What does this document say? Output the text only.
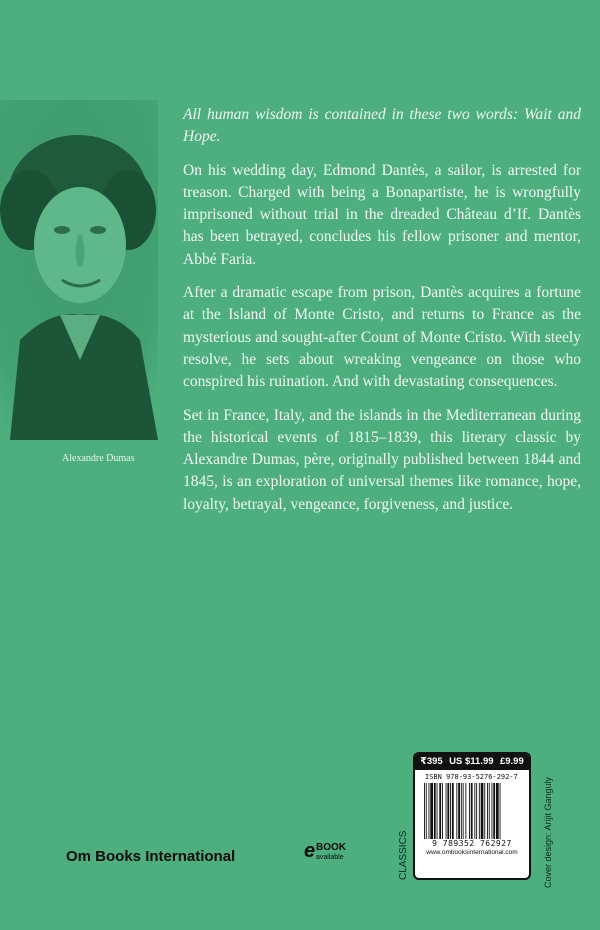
Alexandre Dumas

All human wisdom is contained in these two words: Wait and Hope.

On his wedding day, Edmond Dantès, a sailor, is arrested for treason. Charged with being a Bonapartiste, he is wrongfully imprisoned without trial in the dreaded Château d’If. Dantès has been betrayed, concludes his fellow prisoner and mentor, Abbé Faria.

After a dramatic escape from prison, Dantès acquires a fortune at the Island of Monte Cristo, and returns to France as the mysterious and sought-after Count of Monte Cristo. With steely resolve, he sets about wreaking vengeance on those who conspired his ruination. And with devastating consequences.

Set in France, Italy, and the islands in the Mediterranean during the historical events of 1815–1839, this literary classic by Alexandre Dumas, père, originally published between 1844 and 1845, is an exploration of universal themes like romance, hope, loyalty, betrayal, vengeance, forgiveness, and justice.

₹395 US $11.99 £9.99
ISBN 978-93-5276-292-7
9 789352 762927
www.ombooksinternational.com
CLASSICS	Cover design: Arijit Ganguly
Om Books International	e BOOK
available
